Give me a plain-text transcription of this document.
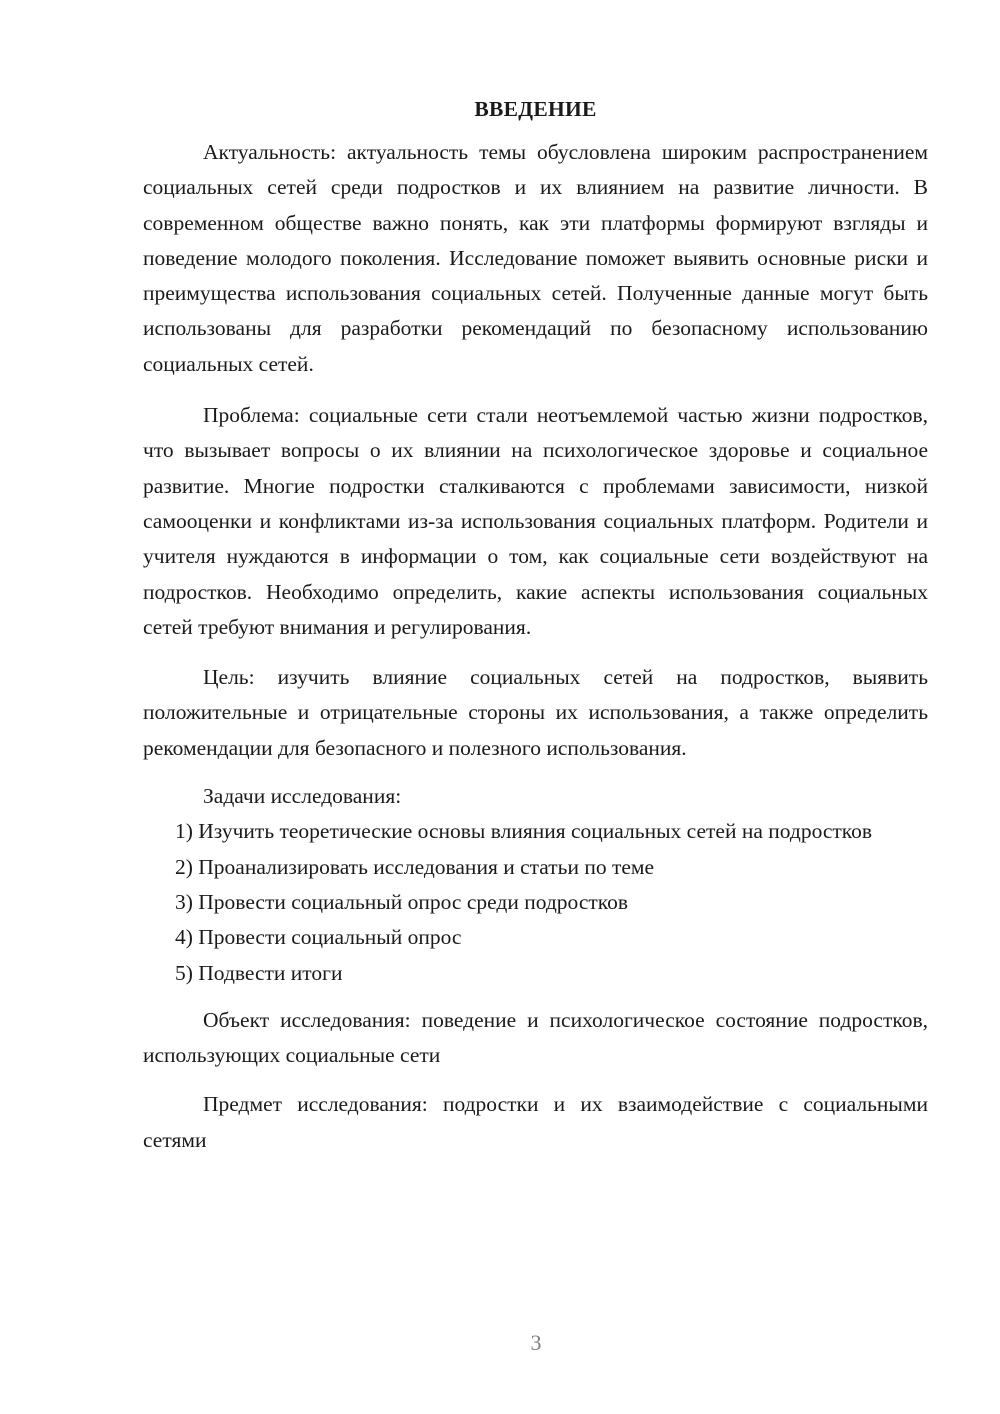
ВВЕДЕНИЕ

Актуальность: актуальность темы обусловлена широким распространением социальных сетей среди подростков и их влиянием на развитие личности. В современном обществе важно понять, как эти платформы формируют взгляды и поведение молодого поколения. Исследование поможет выявить основные риски и преимущества использования социальных сетей. Полученные данные могут быть использованы для разработки рекомендаций по безопасному использованию социальных сетей.

Проблема: социальные сети стали неотъемлемой частью жизни подростков, что вызывает вопросы о их влиянии на психологическое здоровье и социальное развитие. Многие подростки сталкиваются с проблемами зависимости, низкой самооценки и конфликтами из-за использования социальных платформ. Родители и учителя нуждаются в информации о том, как социальные сети воздействуют на подростков. Необходимо определить, какие аспекты использования социальных сетей требуют внимания и регулирования.

Цель: изучить влияние социальных сетей на подростков, выявить положительные и отрицательные стороны их использования, а также определить рекомендации для безопасного и полезного использования.

Задачи исследования:

1) Изучить теоретические основы влияния социальных сетей на подростков

2) Проанализировать исследования и статьи по теме

3) Провести социальный опрос среди подростков

4) Провести социальный опрос

5) Подвести итоги

Объект исследования: поведение и психологическое состояние подростков, использующих социальные сети

Предмет исследования: подростки и их взаимодействие с социальными сетями

3
